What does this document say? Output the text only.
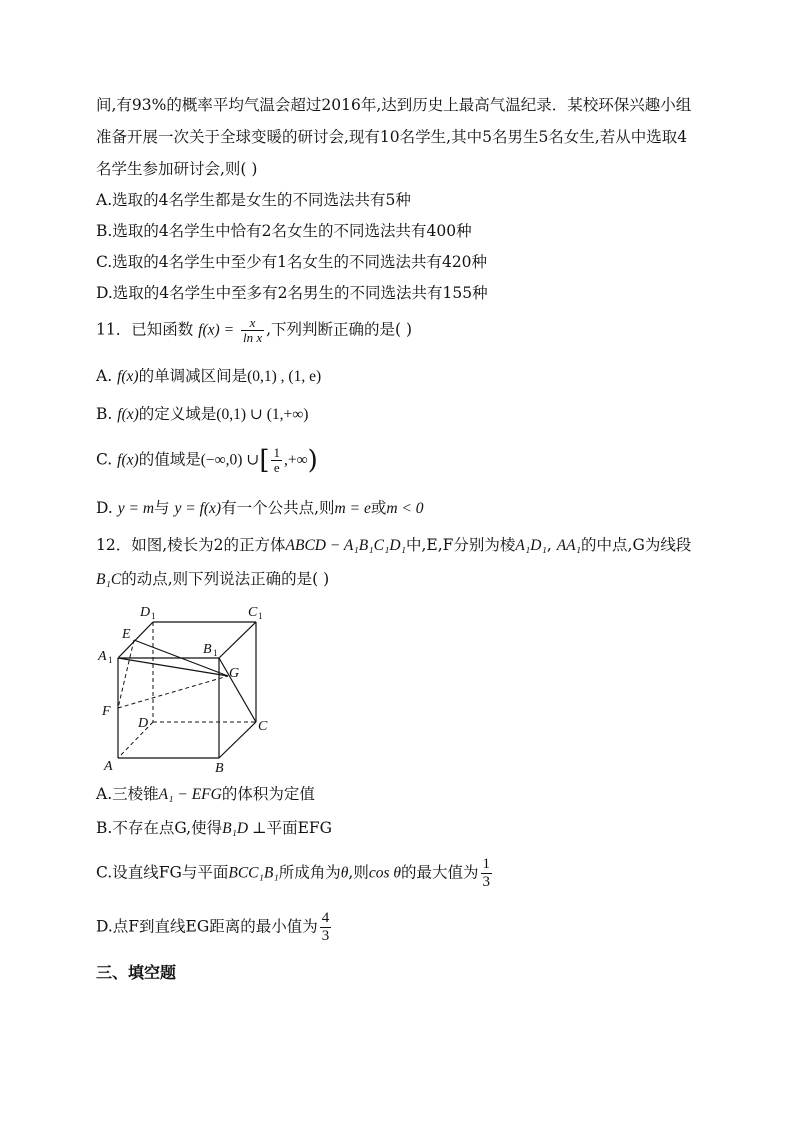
间,有93%的概率平均气温会超过2016年,达到历史上最高气温纪录．某校环保兴趣小组
准备开展一次关于全球变暖的研讨会,现有10名学生,其中5名男生5名女生,若从中选取4
名学生参加研讨会,则( )
A.选取的4名学生都是女生的不同选法共有5种
B.选取的4名学生中恰有2名女生的不同选法共有400种
C.选取的4名学生中至少有1名女生的不同选法共有420种
D.选取的4名学生中至多有2名男生的不同选法共有155种
11．已知函数 $f(x) = \frac{x}{\text{ln x}}$ ,下列判断正确的是( )
A. f(x)的单调减区间是(0,1) , (1, e)
B. f(x)的定义域是(0,1) ∪ (1,+∞)
C. f(x)的值域是(−∞,0) ∪[ $\frac{1}{e}$ ,+∞)
D. y = m与 y = f(x)有一个公共点,则m = e或m < 0
12．如图,棱长为2的正方体ABCD − A₁B₁C₁D₁中,E,F分别为棱A₁D₁, AA₁的中点,G为线段
B₁C的动点,则下列说法正确的是( )
D 1	C 1
E
A 1
B 1
G
F
D	C
A	B
A.三棱锥A₁ − EFG的体积为定值
B.不存在点G,使得B₁D ⊥平面EFG
C.设直线FG与平面BCC₁B₁所成角为θ,则cos θ的最大值为 $\frac{1}{3}$
D.点F到直线EG距离的最小值为 $\frac{4}{3}$
三、填空题
